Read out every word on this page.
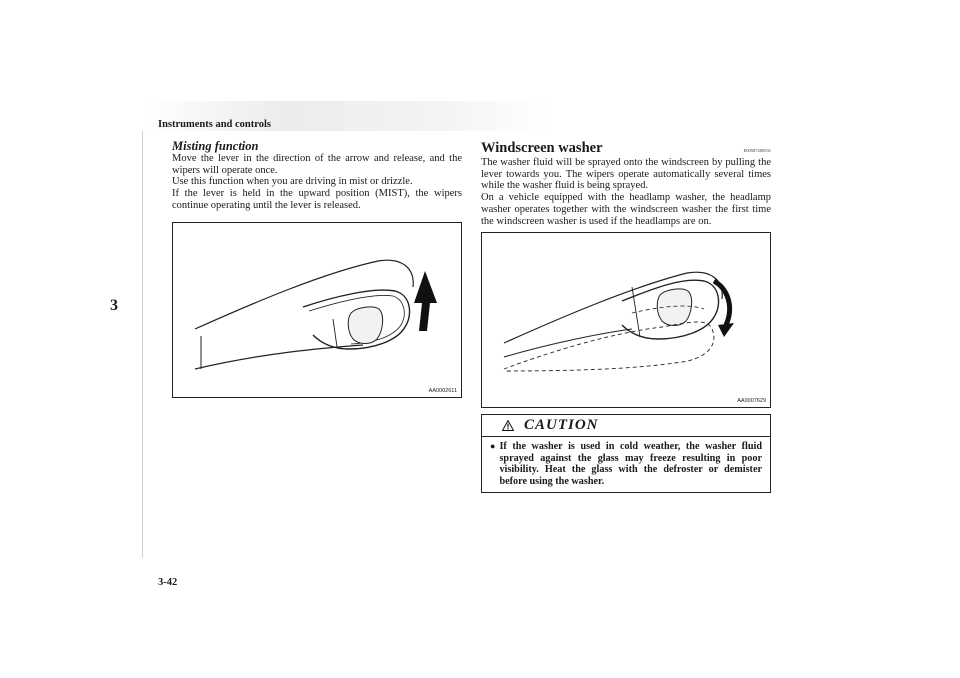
Instruments and controls
3
3-42

Misting function

Move the lever in the direction of the arrow and release, and the wipers will operate once.

Use this function when you are driving in mist or drizzle.

If the lever is held in the upward position (MIST), the wipers continue operating until the lever is released.

AA0002611

Windscreen washer	E00507200531

The washer fluid will be sprayed onto the windscreen by pulling the lever towards you. The wipers operate automatically several times while the washer fluid is being sprayed.

On a vehicle equipped with the headlamp washer, the headlamp washer operates together with the windscreen washer the first time the windscreen washer is used if the headlamps are on.

AA0007629
CAUTION
● If the washer is used in cold weather, the washer fluid sprayed against the glass may freeze resulting in poor visibility. Heat the glass with the defroster or demister before using the washer.
